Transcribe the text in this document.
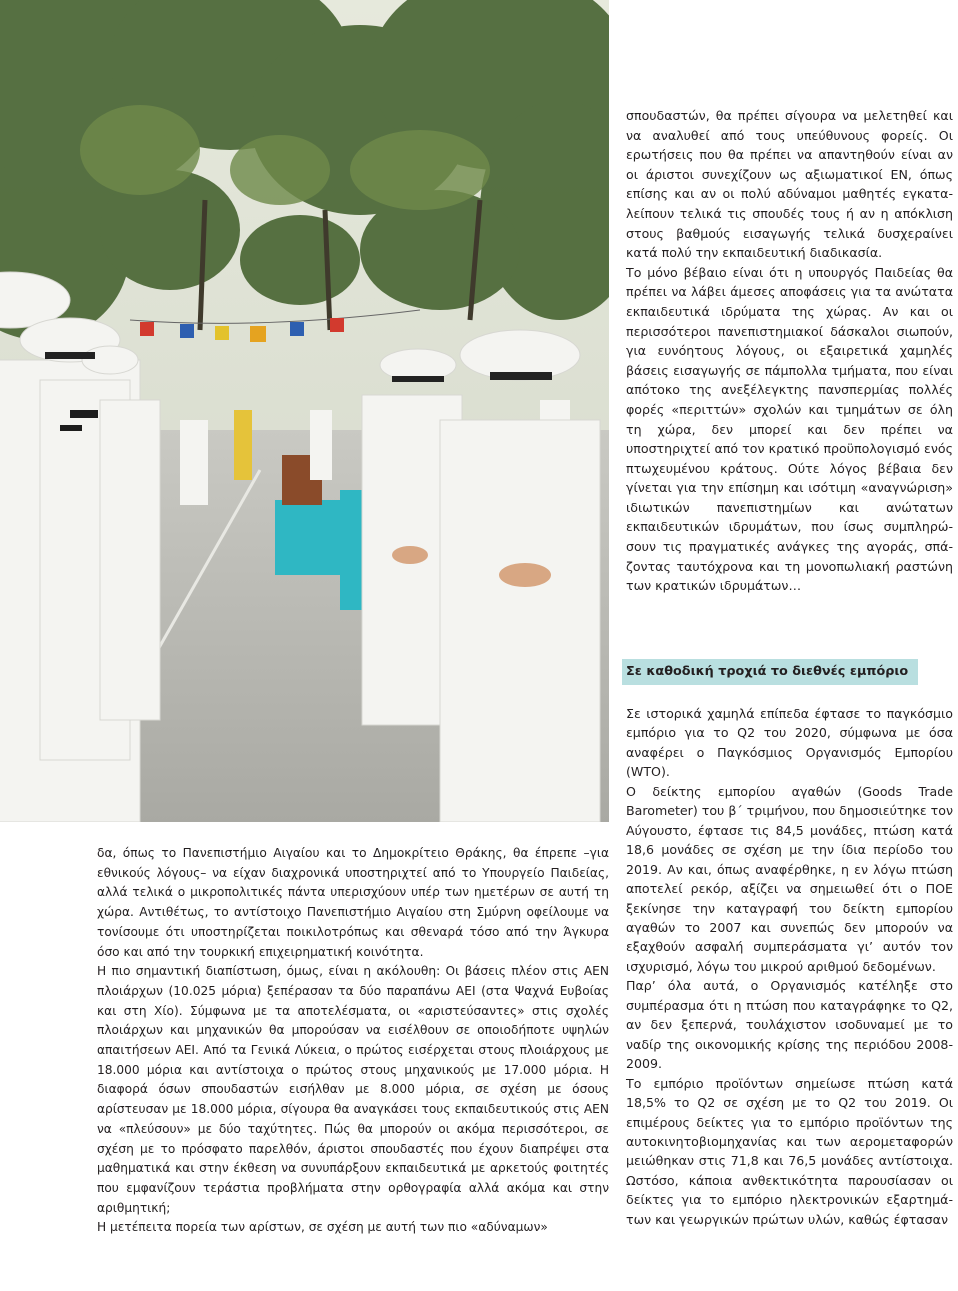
σπουδαστών, θα πρέπει σίγουρα να μελετηθεί και να αναλυθεί από τους υπεύθυνους φορείς. Οι ερωτήσεις που θα πρέπει να απαντηθούν είναι αν οι άριστοι συνεχίζουν ως αξιωματικοί ΕΝ, όπως επίσης και αν οι πολύ αδύναμοι μαθητές εγκαταλείπουν τελικά τις σπουδές τους ή αν η απόκλιση στους βαθμούς εισαγωγής τελικά δυσχεραίνει κατά πολύ την εκπαιδευτική διαδικασία.

Το μόνο βέβαιο είναι ότι η υπουργός Παιδείας θα πρέπει να λάβει άμεσες αποφάσεις για τα ανώτατα εκπαιδευτικά ιδρύματα της χώρας. Αν και οι περισσότεροι πανεπιστημιακοί δάσκαλοι σιωπούν, για ευνόητους λόγους, οι εξαιρετικά χαμηλές βάσεις εισαγωγής σε πάμπολλα τμήματα, που είναι απότοκο της ανεξέλεγκτης πανσπερμίας πολλές φορές «περιττών» σχολών και τμημάτων σε όλη τη χώρα, δεν μπορεί και δεν πρέπει να υποστηριχτεί από τον κρατικό προϋπολογισμό ενός πτωχευμένου κράτους. Ούτε λόγος βέβαια δεν γίνεται για την επίσημη και ισότιμη «αναγνώριση» ιδιωτικών πανεπιστημίων και ανώτατων εκπαιδευτικών ιδρυμάτων, που ίσως συμπληρώσουν τις πραγματικές ανάγκες της αγοράς, σπάζοντας ταυτόχρονα και τη μονοπωλιακή ραστώνη των κρατικών ιδρυμάτων…

Σε καθοδική τροχιά το διεθνές εμπόριο

Σε ιστορικά χαμηλά επίπεδα έφτασε το παγκόσμιο εμπόριο για το Q2 του 2020, σύμφωνα με όσα αναφέρει ο Παγκόσμιος Οργανισμός Εμπορίου (WTO).

Ο δείκτης εμπορίου αγαθών (Goods Trade Barometer) του β΄ τριμήνου, που δημοσιεύτηκε τον Αύγουστο, έφτασε τις 84,5 μονάδες, πτώση κατά 18,6 μονάδες σε σχέση με την ίδια περίοδο του 2019. Αν και, όπως αναφέρθηκε, η εν λόγω πτώση αποτελεί ρεκόρ, αξίζει να σημειωθεί ότι ο ΠΟΕ ξεκίνησε την καταγραφή του δείκτη εμπορίου αγαθών το 2007 και συνεπώς δεν μπορούν να εξαχθούν ασφαλή συμπεράσματα γι’ αυτόν τον ισχυρισμό, λόγω του μικρού αριθμού δεδομένων.

Παρ’ όλα αυτά, ο Οργανισμός κατέληξε στο συμπέρασμα ότι η πτώση που καταγράφηκε το Q2, αν δεν ξεπερνά, τουλάχιστον ισοδυναμεί με το ναδίρ της οικονομικής κρίσης της περιόδου 2008-2009.

Το εμπόριο προϊόντων σημείωσε πτώση κατά 18,5% το Q2 σε σχέση με το Q2 του 2019. Οι επιμέρους δείκτες για το εμπόριο προϊόντων της αυτοκινητοβιομηχανίας και των αερομεταφορών μειώθηκαν στις 71,8 και 76,5 μονάδες αντίστοιχα. Ωστόσο, κάποια ανθεκτικότητα παρουσίασαν οι δείκτες για το εμπόριο ηλεκτρονικών εξαρτημάτων και γεωργικών πρώτων υλών, καθώς έφτασαν

δα, όπως το Πανεπιστήμιο Αιγαίου και το Δημοκρίτειο Θράκης, θα έπρεπε –για εθνικούς λόγους– να είχαν διαχρονικά υποστηριχτεί από το Υπουργείο Παιδείας, αλλά τελικά ο μικροπολιτικές πάντα υπερισχύουν υπέρ των ημετέρων σε αυτή τη χώρα. Αντιθέτως, το αντίστοιχο Πανεπιστήμιο Αιγαίου στη Σμύρνη οφείλουμε να τονίσουμε ότι υποστηρίζεται ποικιλοτρόπως και σθεναρά τόσο από την Άγκυρα όσο και από την τουρκική επιχειρηματική κοινότητα.

Η πιο σημαντική διαπίστωση, όμως, είναι η ακόλουθη: Οι βάσεις πλέον στις ΑΕΝ πλοιάρχων (10.025 μόρια) ξεπέρασαν τα δύο παραπάνω ΑΕΙ (στα Ψαχνά Ευβοίας και στη Χίο). Σύμφωνα με τα αποτελέσματα, οι «αριστεύσαντες» στις σχολές πλοιάρχων και μηχανικών θα μπορούσαν να εισέλθουν σε οποιοδήποτε υψηλών απαιτήσεων ΑΕΙ. Από τα Γενικά Λύκεια, ο πρώτος εισέρχεται στους πλοιάρχους με 18.000 μόρια και αντίστοιχα ο πρώτος στους μηχανικούς με 17.000 μόρια. Η διαφορά όσων σπουδαστών εισήλθαν με 8.000 μόρια, σε σχέση με όσους αρίστευσαν με 18.000 μόρια, σίγουρα θα αναγκάσει τους εκπαιδευτικούς στις ΑΕΝ να «πλεύσουν» με δύο ταχύτητες. Πώς θα μπορούν οι ακόμα περισσότεροι, σε σχέση με το πρόσφατο παρελθόν, άριστοι σπουδαστές που έχουν διαπρέψει στα μαθηματικά και στην έκθεση να συνυπάρξουν εκπαιδευτικά με αρκετούς φοιτητές που εμφανίζουν τεράστια προβλήματα στην ορθογραφία αλλά ακόμα και στην αριθμητική;

Η μετέπειτα πορεία των αρίστων, σε σχέση με αυτή των πιο «αδύναμων»
